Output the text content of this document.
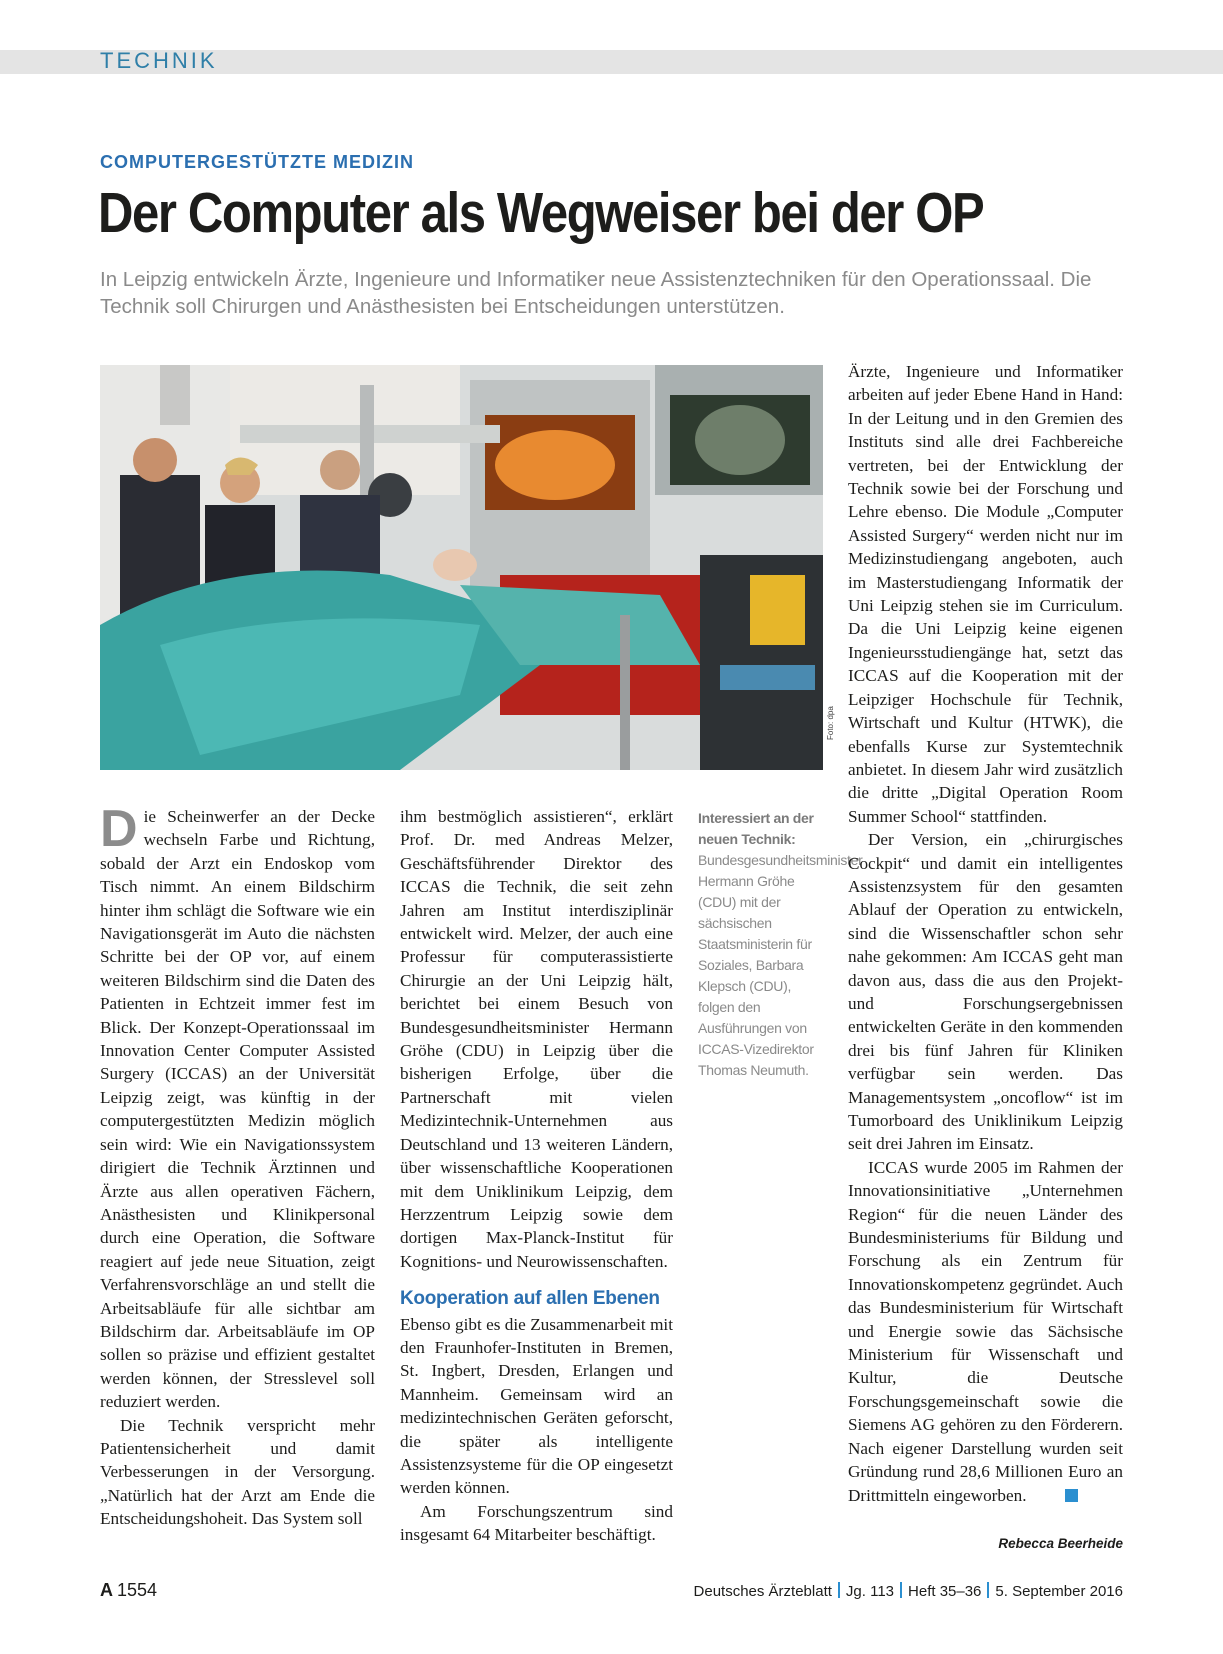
TECHNIK
COMPUTERGESTÜTZTE MEDIZIN
Der Computer als Wegweiser bei der OP

In Leipzig entwickeln Ärzte, Ingenieure und Informatiker neue Assistenztechniken für den Operationssaal. Die Technik soll Chirurgen und Anästhesisten bei Entscheidungen unterstützen.

Foto: dpa

Die Scheinwerfer an der Decke wechseln Farbe und Richtung, sobald der Arzt ein Endoskop vom Tisch nimmt. An einem Bildschirm hinter ihm schlägt die Software wie ein Navigationsgerät im Auto die nächsten Schritte bei der OP vor, auf einem weiteren Bildschirm sind die Daten des Patienten in Echtzeit immer fest im Blick. Der Konzept-Operationssaal im Innovation Center Computer Assisted Surgery (ICCAS) an der Universität Leipzig zeigt, was künftig in der computergestützten Medizin möglich sein wird: Wie ein Navigationssystem dirigiert die Technik Ärztinnen und Ärzte aus allen operativen Fächern, Anästhesisten und Klinikpersonal durch eine Operation, die Software reagiert auf jede neue Situation, zeigt Verfahrensvorschläge an und stellt die Arbeitsabläufe für alle sichtbar am Bildschirm dar. Arbeitsabläufe im OP sollen so präzise und effizient gestaltet werden können, der Stresslevel soll reduziert werden.

Die Technik verspricht mehr Patientensicherheit und damit Verbesserungen in der Versorgung. „Natürlich hat der Arzt am Ende die Entscheidungshoheit. Das System soll

ihm bestmöglich assistieren“, erklärt Prof. Dr. med Andreas Melzer, Geschäftsführender Direktor des ICCAS die Technik, die seit zehn Jahren am Institut interdisziplinär entwickelt wird. Melzer, der auch eine Professur für computerassistierte Chirurgie an der Uni Leipzig hält, berichtet bei einem Besuch von Bundesgesundheitsminister Hermann Gröhe (CDU) in Leipzig über die bisherigen Erfolge, über die Partnerschaft mit vielen Medizintechnik-Unternehmen aus Deutschland und 13 weiteren Ländern, über wissenschaftliche Kooperationen mit dem Uniklinikum Leipzig, dem Herzzentrum Leipzig sowie dem dortigen Max-Planck-Institut für Kognitions- und Neurowissenschaften.

Kooperation auf allen Ebenen

Ebenso gibt es die Zusammenarbeit mit den Fraunhofer-Instituten in Bremen, St. Ingbert, Dresden, Erlangen und Mannheim. Gemeinsam wird an medizintechnischen Geräten geforscht, die später als intelligente Assistenzsysteme für die OP eingesetzt werden können.

Am Forschungszentrum sind insgesamt 64 Mitarbeiter beschäftigt.

Interessiert an der neuen Technik: Bundesgesundheitsminister Hermann Gröhe (CDU) mit der sächsischen Staatsministerin für Soziales, Barbara Klepsch (CDU), folgen den Ausführungen von ICCAS-Vizedirektor Thomas Neumuth.

Ärzte, Ingenieure und Informatiker arbeiten auf jeder Ebene Hand in Hand: In der Leitung und in den Gremien des Instituts sind alle drei Fachbereiche vertreten, bei der Entwicklung der Technik sowie bei der Forschung und Lehre ebenso. Die Module „Computer Assisted Surgery“ werden nicht nur im Medizinstudiengang angeboten, auch im Masterstudiengang Informatik der Uni Leipzig stehen sie im Curriculum. Da die Uni Leipzig keine eigenen Ingenieursstudiengänge hat, setzt das ICCAS auf die Kooperation mit der Leipziger Hochschule für Technik, Wirtschaft und Kultur (HTWK), die ebenfalls Kurse zur Systemtechnik anbietet. In diesem Jahr wird zusätzlich die dritte „Digital Operation Room Summer School“ stattfinden.

Der Version, ein „chirurgisches Cockpit“ und damit ein intelligentes Assistenzsystem für den gesamten Ablauf der Operation zu entwickeln, sind die Wissenschaftler schon sehr nahe gekommen: Am ICCAS geht man davon aus, dass die aus den Projekt- und Forschungsergebnissen entwickelten Geräte in den kommenden drei bis fünf Jahren für Kliniken verfügbar sein werden. Das Managementsystem „oncoflow“ ist im Tumorboard des Uniklinikum Leipzig seit drei Jahren im Einsatz.

ICCAS wurde 2005 im Rahmen der Innovationsinitiative „Unternehmen Region“ für die neuen Länder des Bundesministeriums für Bildung und Forschung als ein Zentrum für Innovationskompetenz gegründet. Auch das Bundesministerium für Wirtschaft und Energie sowie das Sächsische Ministerium für Wissenschaft und Kultur, die Deutsche Forschungsgemeinschaft sowie die Siemens AG gehören zu den Förderern. Nach eigener Darstellung wurden seit Gründung rund 28,6 Millionen Euro an Drittmitteln eingeworben.

Rebecca Beerheide
A 1554	Deutsches Ärzteblatt Jg. 113 Heft 35–36 5. September 2016
